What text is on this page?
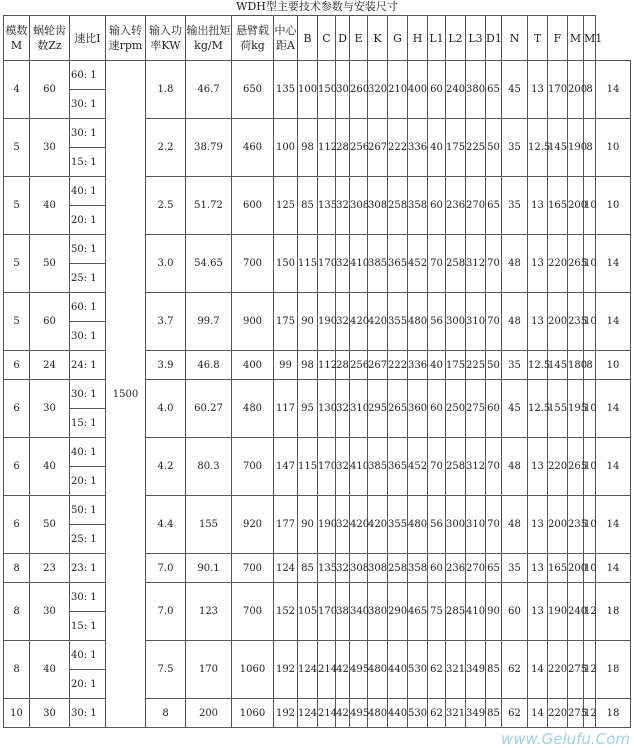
WDH型主要技术参数与安装尺寸
模数M	蜗轮齿数Zz	速比I	输入转速rpm	输入功率KW	输出扭矩kg/M	悬臂载荷kg	中心距A	B	C	D	E	K	G	H	L1	L2	L3	D1	N	T	F	M	M1	
4	60	60: 1	1500	1.8	46.7	650	135	100	150	30	260	320	210	400	60	240	380	65	45	13	170	200	8	14
		30: 1																						
5	30	30: 1		2.2	38.79	460	100	98	112	28	256	267	222	336	40	175	225	50	35	12.5	145	190	8	10
		15: 1																						
5	40	40: 1		2.5	51.72	600	125	85	135	32	308	308	258	358	60	236	270	65	35	13	165	200	10	10
		20: 1																						
5	50	50: 1		3.0	54.65	700	150	115	170	32	410	385	365	452	70	258	312	70	48	13	220	265	10	14
		25: 1																						
5	60	60: 1		3.7	99.7	900	175	90	190	32	420	420	355	480	56	300	310	70	48	13	200	235	10	14
		30: 1																						
6	24	24: 1		3.9	46.8	400	99	98	112	28	256	267	222	336	40	175	225	50	35	12.5	145	180	8	10
6	30	30: 1		4.0	60.27	480	117	95	130	32	310	295	265	360	60	250	275	60	45	12.5	155	195	10	14
		15: 1																						
6	40	40: 1		4.2	80.3	700	147	115	170	32	410	385	365	452	70	258	312	70	48	13	220	265	10	14
		20: 1																						
6	50	50: 1		4.4	155	920	177	90	190	32	420	420	355	480	56	300	310	70	48	13	200	235	10	14
		25: 1																						
8	23	23: 1		7.0	90.1	700	124	85	135	32	308	308	258	358	60	236	270	65	35	13	165	200	10	14
8	30	30: 1		7.0	123	700	152	105	170	38	340	380	290	465	75	285	410	90	60	13	190	240	12	18
		15: 1																						
8	40	40: 1		7.5	170	1060	192	124	214	42	495	480	440	530	62	321	349	85	62	14	220	275	12	18
		20: 1																						
10	30	30: 1		8	200	1060	192	124	214	42	495	480	440	530	62	321	349	85	62	14	220	275	12	18
www.Gelufu.Com
